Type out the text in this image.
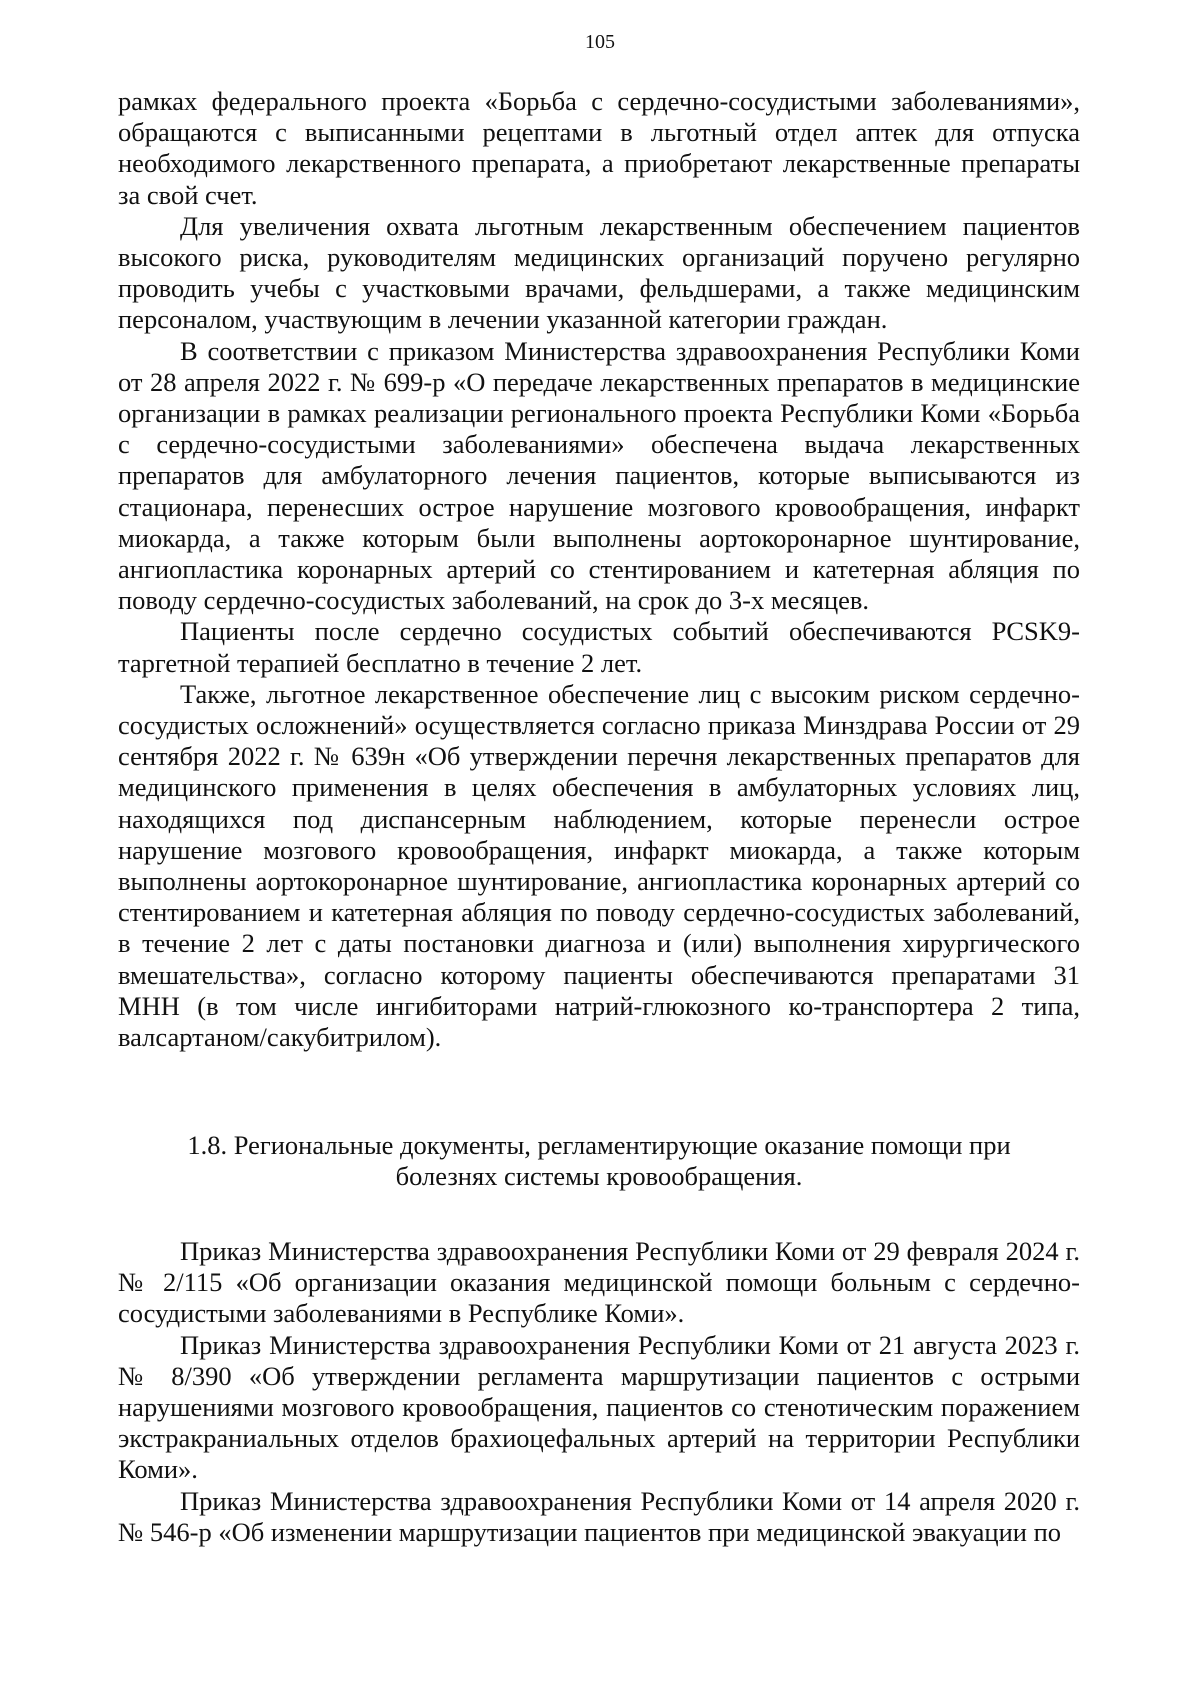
105

рамках федерального проекта «Борьба с сердечно-сосудистыми заболеваниями», обращаются с выписанными рецептами в льготный отдел аптек для отпуска необходимого лекарственного препарата, а приобретают лекарственные препараты за свой счет.

Для увеличения охвата льготным лекарственным обеспечением пациентов высокого риска, руководителям медицинских организаций поручено регулярно проводить учебы с участковыми врачами, фельдшерами, а также медицинским персоналом, участвующим в лечении указанной категории граждан.

В соответствии с приказом Министерства здравоохранения Республики Коми от 28 апреля 2022 г. № 699-р «О передаче лекарственных препаратов в медицинские организации в рамках реализации регионального проекта Республики Коми «Борьба с сердечно-сосудистыми заболеваниями» обеспечена выдача лекарственных препаратов для амбулаторного лечения пациентов, которые выписываются из стационара, перенесших острое нарушение мозгового кровообращения, инфаркт миокарда, а также которым были выполнены аортокоронарное шунтирование, ангиопластика коронарных артерий со стентированием и катетерная абляция по поводу сердечно-сосудистых заболеваний, на срок до 3-х месяцев.

Пациенты после сердечно сосудистых событий обеспечиваются PCSK9-таргетной терапией бесплатно в течение 2 лет.

Также, льготное лекарственное обеспечение лиц с высоким риском сердечно-сосудистых осложнений» осуществляется согласно приказа Минздрава России от 29 сентября 2022 г. № 639н «Об утверждении перечня лекарственных препаратов для медицинского применения в целях обеспечения в амбулаторных условиях лиц, находящихся под диспансерным наблюдением, которые перенесли острое нарушение мозгового кровообращения, инфаркт миокарда, а также которым выполнены аортокоронарное шунтирование, ангиопластика коронарных артерий со стентированием и катетерная абляция по поводу сердечно-сосудистых заболеваний, в течение 2 лет с даты постановки диагноза и (или) выполнения хирургического вмешательства», согласно которому пациенты обеспечиваются препаратами 31 МНН (в том числе ингибиторами натрий-глюкозного ко-транспортера 2 типа, валсартаном/сакубитрилом).

1.8. Региональные документы, регламентирующие оказание помощи при
болезнях системы кровообращения.

Приказ Министерства здравоохранения Республики Коми от 29 февраля 2024 г. № 2/115 «Об организации оказания медицинской помощи больным с сердечно-сосудистыми заболеваниями в Республике Коми».

Приказ Министерства здравоохранения Республики Коми от 21 августа 2023 г. № 8/390 «Об утверждении регламента маршрутизации пациентов с острыми нарушениями мозгового кровообращения, пациентов со стенотическим поражением экстракраниальных отделов брахиоцефальных артерий на территории Республики Коми».

Приказ Министерства здравоохранения Республики Коми от 14 апреля 2020 г. № 546-р «Об изменении маршрутизации пациентов при медицинской эвакуации по
